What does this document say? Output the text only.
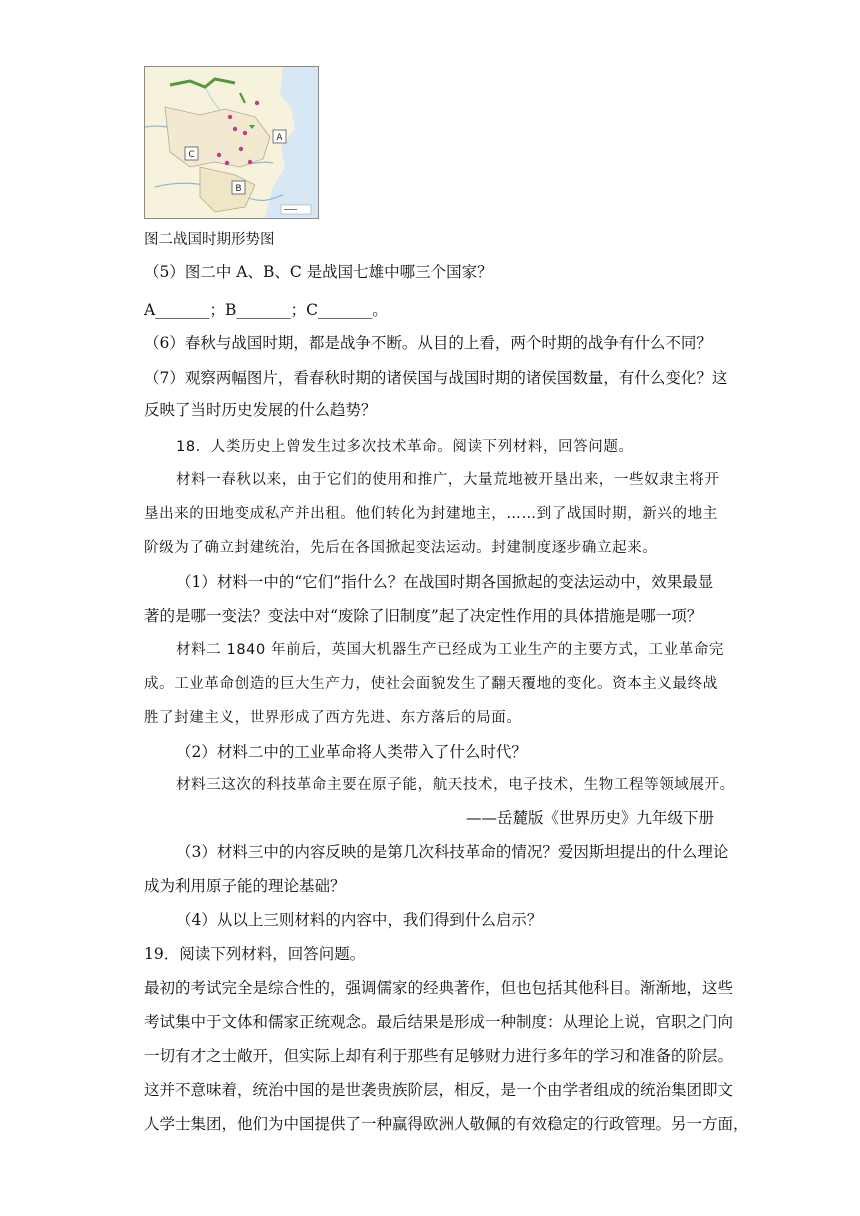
A
B
C
图二战国时期形势图
（5）图二中 A、B、C 是战国七雄中哪三个国家？
A_______；B_______；C_______。
（6）春秋与战国时期，都是战争不断。从目的上看，两个时期的战争有什么不同？
（7）观察两幅图片，看春秋时期的诸侯国与战国时期的诸侯国数量，有什么变化？这
反映了当时历史发展的什么趋势？
18．人类历史上曾发生过多次技术革命。阅读下列材料，回答问题。
材料一春秋以来，由于它们的使用和推广，大量荒地被开垦出来，一些奴隶主将开
垦出来的田地变成私产并出租。他们转化为封建地主，……到了战国时期，新兴的地主
阶级为了确立封建统治，先后在各国掀起变法运动。封建制度逐步确立起来。
（1）材料一中的“它们”指什么？在战国时期各国掀起的变法运动中，效果最显
著的是哪一变法？变法中对“废除了旧制度”起了决定性作用的具体措施是哪一项？
材料二 1840 年前后，英国大机器生产已经成为工业生产的主要方式，工业革命完
成。工业革命创造的巨大生产力，使社会面貌发生了翻天覆地的变化。资本主义最终战
胜了封建主义，世界形成了西方先进、东方落后的局面。
（2）材料二中的工业革命将人类带入了什么时代？
材料三这次的科技革命主要在原子能，航天技术，电子技术，生物工程等领域展开。
——岳麓版《世界历史》九年级下册
（3）材料三中的内容反映的是第几次科技革命的情况？爱因斯坦提出的什么理论
成为利用原子能的理论基础？
（4）从以上三则材料的内容中，我们得到什么启示？
19．阅读下列材料，回答问题。
最初的考试完全是综合性的，强调儒家的经典著作，但也包括其他科目。渐渐地，这些
考试集中于文体和儒家正统观念。最后结果是形成一种制度：从理论上说，官职之门向
一切有才之士敞开，但实际上却有利于那些有足够财力进行多年的学习和准备的阶层。
这并不意味着，统治中国的是世袭贵族阶层，相反，是一个由学者组成的统治集团即文
人学士集团，他们为中国提供了一种赢得欧洲人敬佩的有效稳定的行政管理。另一方面，
